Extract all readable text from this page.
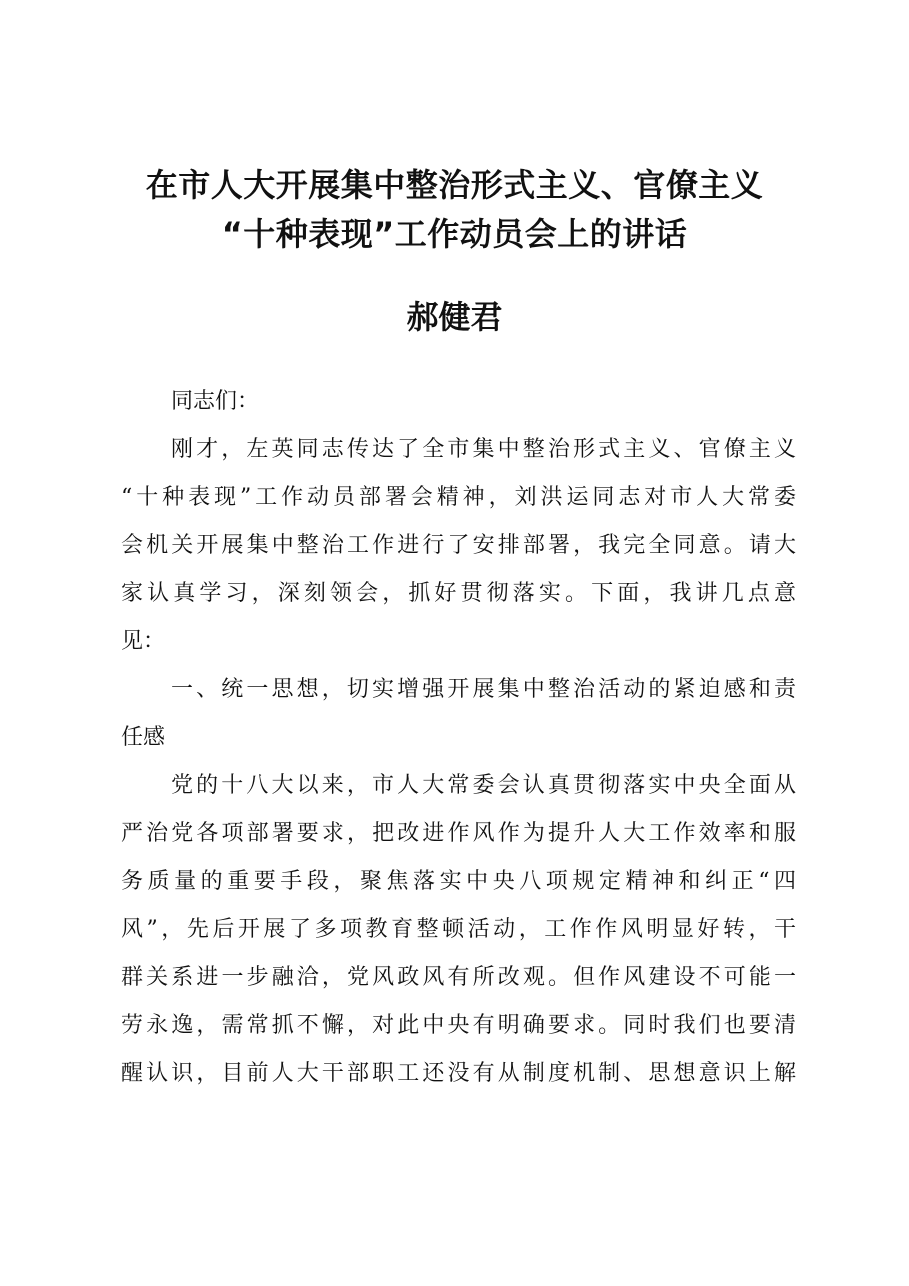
在市人大开展集中整治形式主义、官僚主义
“十种表现”工作动员会上的讲话
郝健君
同志们：
刚才，左英同志传达了全市集中整治形式主义、官僚主义
“十种表现”工作动员部署会精神，刘洪运同志对市人大常委
会机关开展集中整治工作进行了安排部署，我完全同意。请大
家认真学习，深刻领会，抓好贯彻落实。下面，我讲几点意
见：
一、统一思想，切实增强开展集中整治活动的紧迫感和责
任感
党的十八大以来，市人大常委会认真贯彻落实中央全面从
严治党各项部署要求，把改进作风作为提升人大工作效率和服
务质量的重要手段，聚焦落实中央八项规定精神和纠正“四
风”，先后开展了多项教育整顿活动，工作作风明显好转，干
群关系进一步融洽，党风政风有所改观。但作风建设不可能一
劳永逸，需常抓不懈，对此中央有明确要求。同时我们也要清
醒认识，目前人大干部职工还没有从制度机制、思想意识上解
